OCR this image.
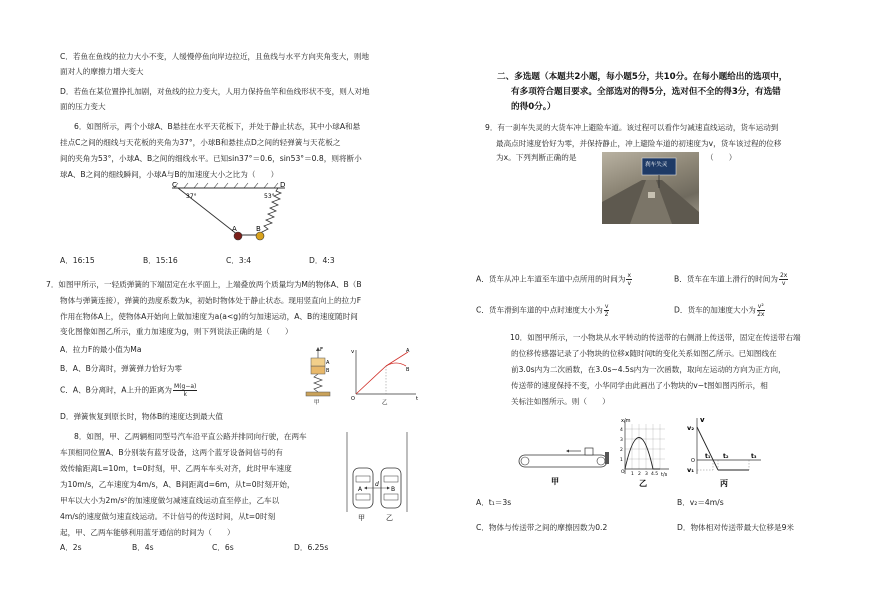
C．若鱼在鱼线的拉力大小不变，人缓慢停鱼向岸边拉近，且鱼线与水平方向夹角变大，则地
面对人的摩擦力增大变大
D．若鱼在某位置挣扎加剧，对鱼线的拉力变大，人用力保持鱼竿和鱼线形状不变，则人对地
面的压力变大
6．如图所示，两个小球A、B悬挂在水平天花板下，并处于静止状态，其中小球A和悬
挂点C之间的细线与天花板的夹角为37°，小球B和悬挂点D之间的轻弹簧与天花板之
间的夹角为53°，小球A、B之间的细线水平。已知sin37°＝0.6，sin53°＝0.8，则将断小
球A、B之间的细线瞬间，小球A与B的加速度大小之比为（　　）
C	D
37°	53°
A	B
A．16:15	B．15:16	C．3:4	D．4:3
7．如图甲所示，一轻质弹簧的下端固定在水平面上，上端叠放两个质量均为M的物体A、B（B
物体与弹簧连接），弹簧的劲度系数为k，初始时物体处于静止状态。现用竖直向上的拉力F
作用在物体A上，使物体A开始向上做加速度为a(a<g)的匀加速运动，A、B的速度随时间
变化图像如图乙所示，重力加速度为g，则下列说法正确的是（　　）
A．拉力F的最小值为Ma
B．A、B分离时，弹簧弹力恰好为零
C．A、B分离时，A上升的距离为 $\frac{M(g-a)}{k}$
D．弹簧恢复到原长时，物体B的速度达到最大值
F
A
B
甲
v
t
O
A
B
乙
8．如图，甲、乙两辆相同型号汽车沿平直公路并排同向行驶，在两车
车顶相同位置A、B分别装有蓝牙设备，这两个蓝牙设备间信号的有
效传输距离L=10m，t=0时刻，甲、乙两车车头对齐，此时甲车速度
为10m/s，乙车速度为4m/s，A、B间距离d=6m，从t=0时刻开始，
甲车以大小为2m/s²的加速度做匀减速直线运动直至停止，乙车以
4m/s的速度做匀速直线运动。不计信号的传送时间，从t=0时刻
起，甲、乙两车能够利用蓝牙通信的时间为（　　）
A	B
d
甲	乙
A．2s	B．4s	C．6s	D．6.25s
二、多选题（本题共2小题，每小题5分，共10分。在每小题给出的选项中，
有多项符合题目要求。全部选对的得5分，选对但不全的得3分，有选错
的得0分。）
9．有一刹车失灵的大货车冲上避险车道。该过程可以看作匀减速直线运动，货车运动到
最高点时速度恰好为零，并保持静止，冲上避险车道的初速度为v，货车该过程的位移
为x。下列判断正确的是
刹车失灵
（　　）
A．货车从冲上车道至车道中点所用的时间为 $\frac{x}{v}$	B．货车在车道上滑行的时间为 $\frac{2x}{v}$
C．货车滑到车道的中点时速度大小为 $\frac{v}{2}$	D．货车的加速度大小为 $\frac{\text{v²}}{2x}$
10．如图甲所示，一小物块从水平转动的传送带的右侧滑上传送带，固定在传送带右端
的位移传感器记录了小物块的位移x随时间t的变化关系如图乙所示。已知图线在
前3.0s内为二次函数，在3.0s~4.5s内为一次函数，取向左运动的方向为正方向，
传送带的速度保持不变，小华同学由此画出了小物块的v−t图如图丙所示，相
关标注如图所示。则（　　）
甲
x/m
t/s
4
3
2
1
O 1 2 3 4.5
乙
v
v₂
v₁
O
t₁ t₂	t₃
丙
A．t₁＝3s	B．v₂＝4m/s
C．物体与传送带之间的摩擦因数为0.2	D．物体相对传送带最大位移是9米
